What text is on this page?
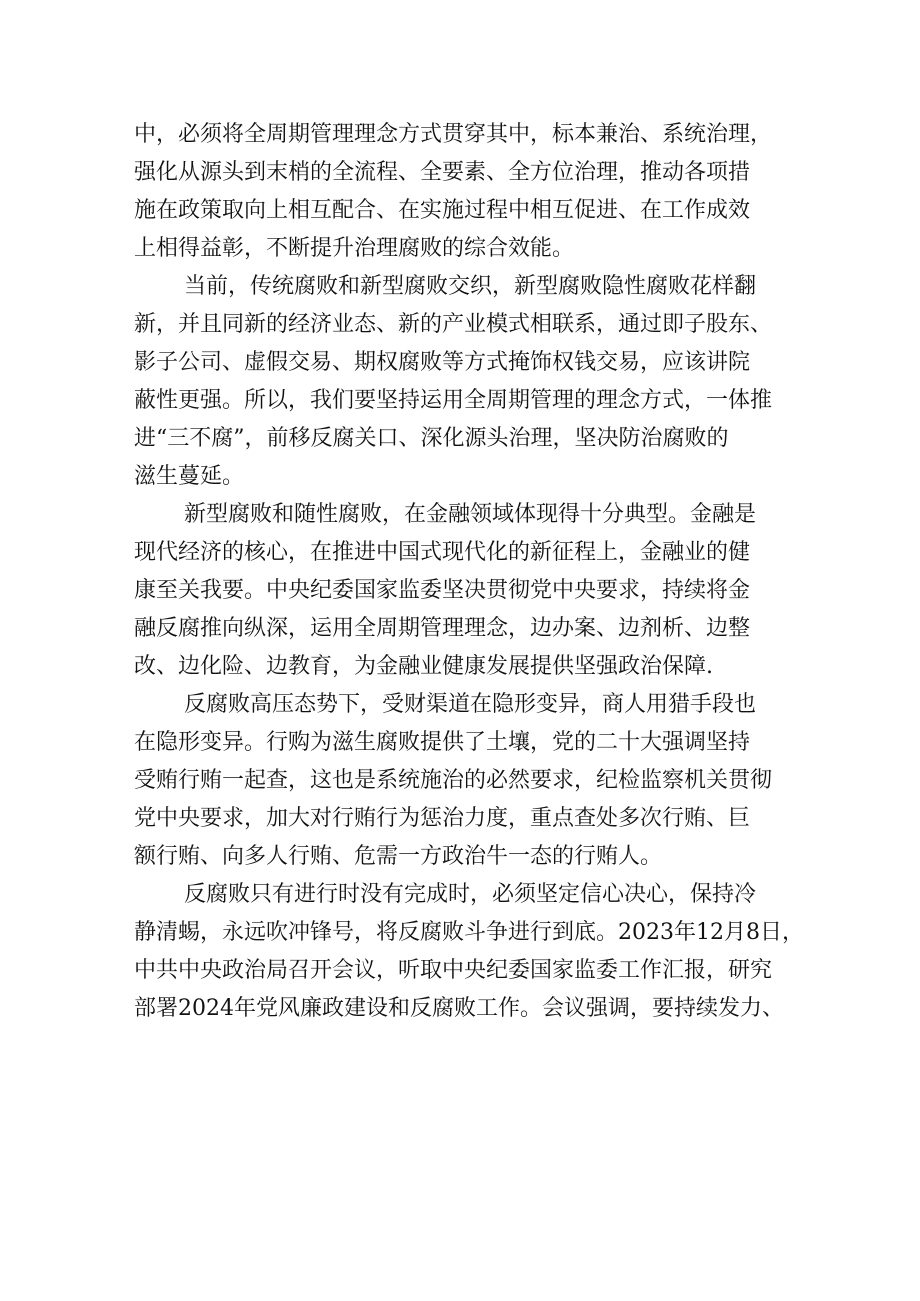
中，必须将全周期管理理念方式贯穿其中，标本兼治、系统治理，
强化从源头到末梢的全流程、全要素、全方位治理，推动各项措
施在政策取向上相互配合、在实施过程中相互促进、在工作成效
上相得益彰，不断提升治理腐败的综合效能。
当前，传统腐败和新型腐败交织，新型腐败隐性腐败花样翻
新，并且同新的经济业态、新的产业模式相联系，通过即子股东、
影子公司、虚假交易、期权腐败等方式掩饰权钱交易，应该讲院
蔽性更强。所以，我们要坚持运用全周期管理的理念方式，一体推
进“三不腐”，前移反腐关口、深化源头治理，坚决防治腐败的
滋生蔓延。
新型腐败和随性腐败，在金融领域体现得十分典型。金融是
现代经济的核心，在推进中国式现代化的新征程上，金融业的健
康至关我要。中央纪委国家监委坚决贯彻党中央要求，持续将金
融反腐推向纵深，运用全周期管理理念，边办案、边剂析、边整
改、边化险、边教育，为金融业健康发展提供坚强政治保障.
反腐败高压态势下，受财渠道在隐形变异，商人用猎手段也
在隐形变异。行购为滋生腐败提供了土壤，党的二十大强调坚持
受贿行贿一起查，这也是系统施治的必然要求，纪检监察机关贯彻
党中央要求，加大对行贿行为惩治力度，重点查处多次行贿、巨
额行贿、向多人行贿、危需一方政治牛一态的行贿人。
反腐败只有进行时没有完成时，必须坚定信心决心，保持冷
静清蜴，永远吹冲锋号，将反腐败斗争进行到底。2023年12月8日，
中共中央政治局召开会议，听取中央纪委国家监委工作汇报，研究
部署2024年党风廉政建设和反腐败工作。会议强调，要持续发力、
